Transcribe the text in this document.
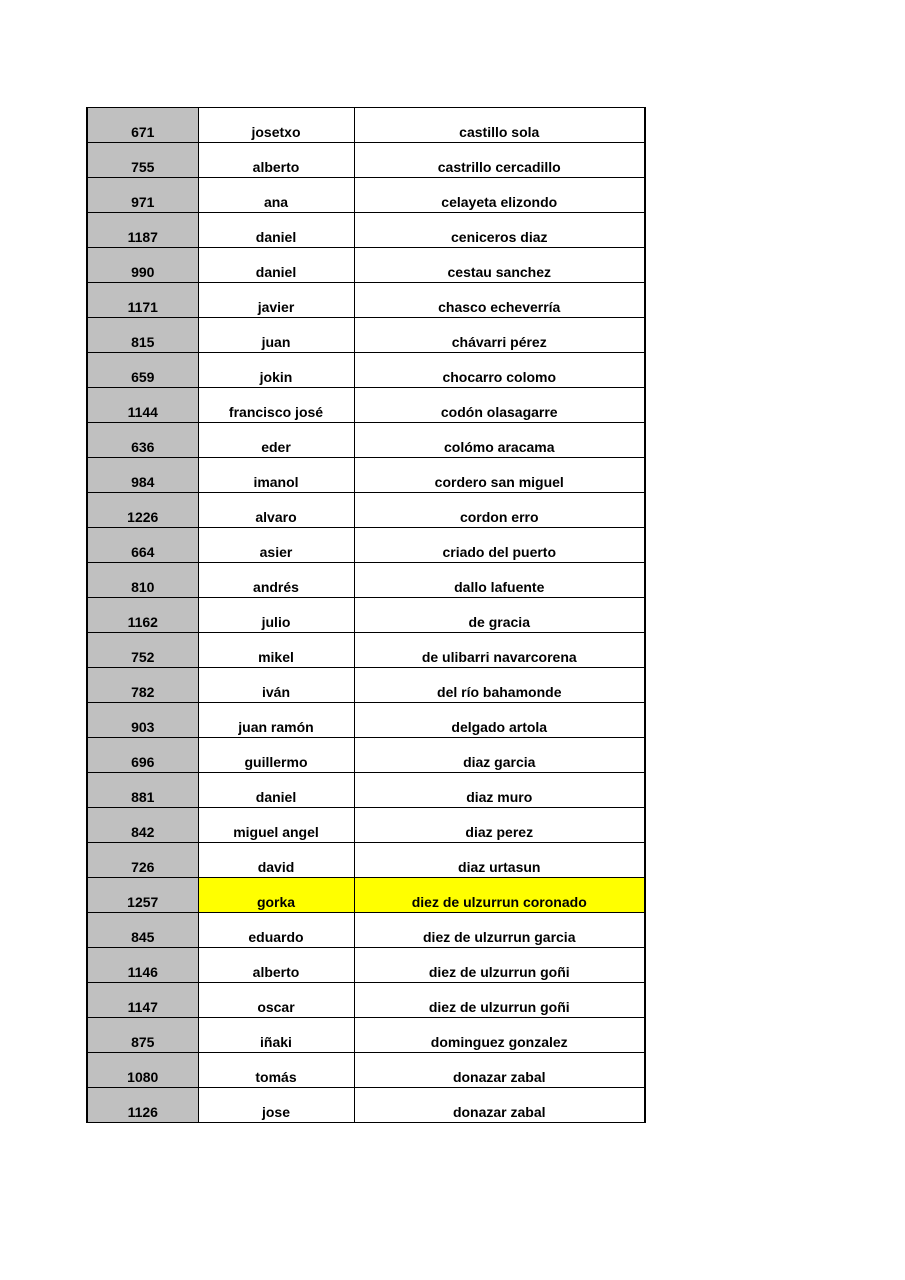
671	josetxo	castillo sola
755	alberto	castrillo cercadillo
971	ana	celayeta elizondo
1187	daniel	ceniceros diaz
990	daniel	cestau sanchez
1171	javier	chasco echeverría
815	juan	chávarri pérez
659	jokin	chocarro colomo
1144	francisco josé	codón olasagarre
636	eder	colómo aracama
984	imanol	cordero san miguel
1226	alvaro	cordon erro
664	asier	criado del puerto
810	andrés	dallo lafuente
1162	julio	de gracia
752	mikel	de ulibarri navarcorena
782	iván	del río bahamonde
903	juan ramón	delgado artola
696	guillermo	diaz garcia
881	daniel	diaz muro
842	miguel angel	diaz perez
726	david	diaz urtasun
1257	gorka	diez de ulzurrun coronado
845	eduardo	diez de ulzurrun garcia
1146	alberto	diez de ulzurrun goñi
1147	oscar	diez de ulzurrun goñi
875	iñaki	dominguez gonzalez
1080	tomás	donazar zabal
1126	jose	donazar zabal
